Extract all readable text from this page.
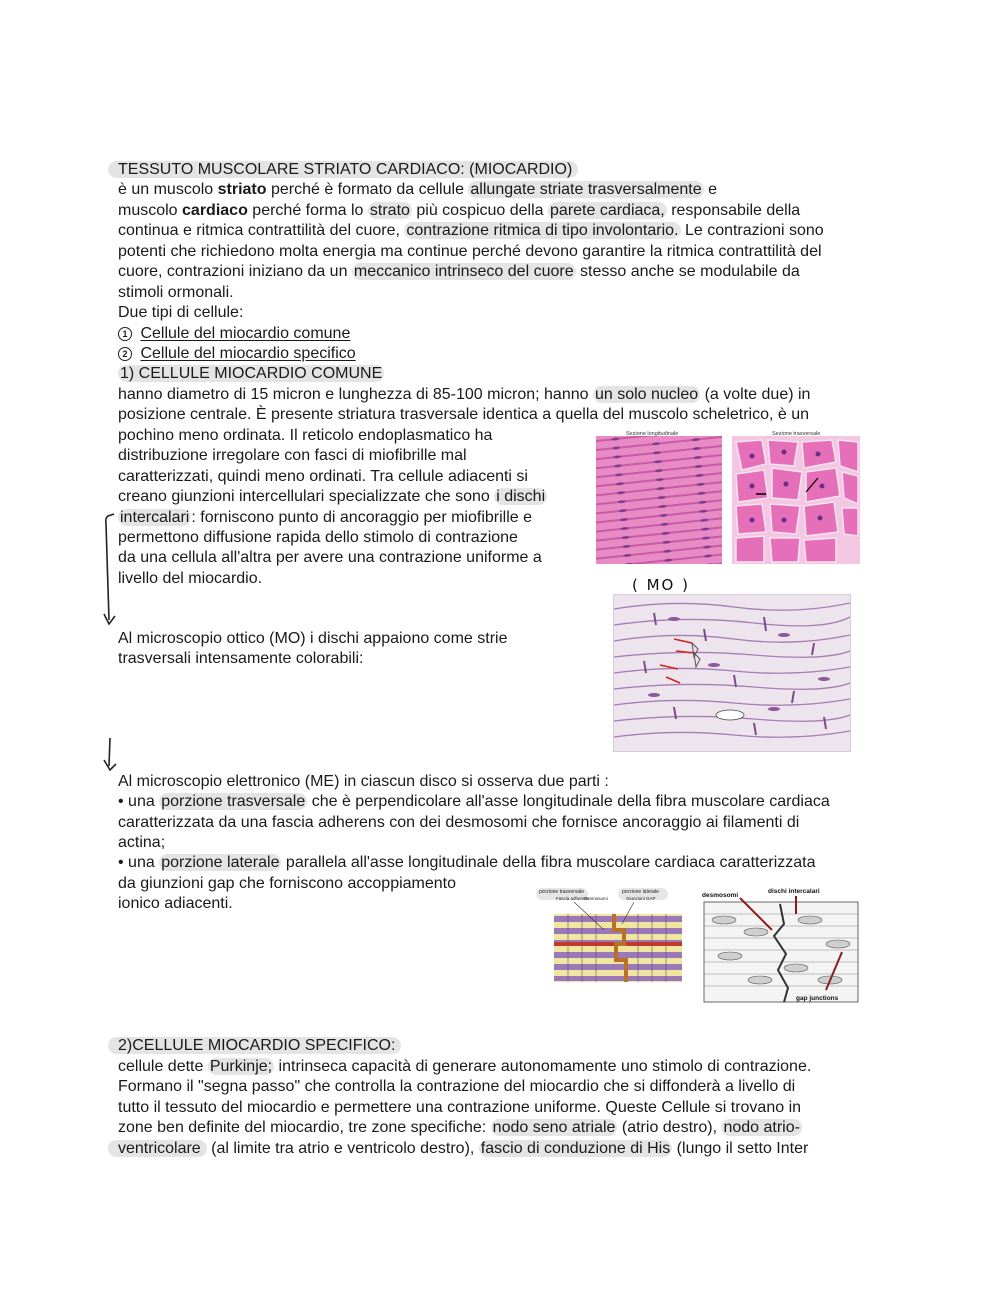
TESSUTO MUSCOLARE STRIATO CARDIACO: (MIOCARDIO)
è un muscolo striato perché è formato da cellule allungate striate trasversalmente e
muscolo cardiaco perché forma lo strato più cospicuo della parete cardiaca, responsabile della
continua e ritmica contrattilità del cuore, contrazione ritmica di tipo involontario. Le contrazioni sono
potenti che richiedono molta energia ma continue perché devono garantire la ritmica contrattilità del
cuore, contrazioni iniziano da un meccanico intrinseco del cuore stesso anche se modulabile da
stimoli ormonali.
Due tipi di cellule:
1 Cellule del miocardio comune
2 Cellule del miocardio specifico
1) CELLULE MIOCARDIO COMUNE
hanno diametro di 15 micron e lunghezza di 85-100 micron; hanno un solo nucleo (a volte due) in
posizione centrale. È presente striatura trasversale identica a quella del muscolo scheletrico, è un
pochino meno ordinata. Il reticolo endoplasmatico ha
distribuzione irregolare con fasci di miofibrille mal
caratterizzati, quindi meno ordinati. Tra cellule adiacenti si
creano giunzioni intercellulari specializzate che sono i dischi
intercalari : forniscono punto di ancoraggio per miofibrille e
permettono diffusione rapida dello stimolo di contrazione
da una cellula all'altra per avere una contrazione uniforme a
livello del miocardio.
Al microscopio ottico (MO) i dischi appaiono come strie
trasversali intensamente colorabili:
Sezione longitudinale	Sezione trasversale
( MO )
Al microscopio elettronico (ME) in ciascun disco si osserva due parti :
• una porzione trasversale che è perpendicolare all'asse longitudinale della fibra muscolare cardiaca
caratterizzata da una fascia adherens con dei desmosomi che fornisce ancoraggio ai filamenti di
actina;
• una porzione laterale parallela all'asse longitudinale della fibra muscolare cardiaca caratterizzata
da giunzioni gap che forniscono accoppiamento
ionico adiacenti.
porzione trasversale
Fascia adherens
Desmosomi
porzione laterale
Giunzioni GAP	desmosomi
dischi intercalari
gap junctions
2)CELLULE MIOCARDIO SPECIFICO:
cellule dette Purkinje; intrinseca capacità di generare autonomamente uno stimolo di contrazione.
Formano il "segna passo" che controlla la contrazione del miocardio che si diffonderà a livello di
tutto il tessuto del miocardio e permettere una contrazione uniforme. Queste Cellule si trovano in
zone ben definite del miocardio, tre zone specifiche: nodo seno atriale (atrio destro), nodo atrio-
ventricolare (al limite tra atrio e ventricolo destro), fascio di conduzione di His (lungo il setto Inter
